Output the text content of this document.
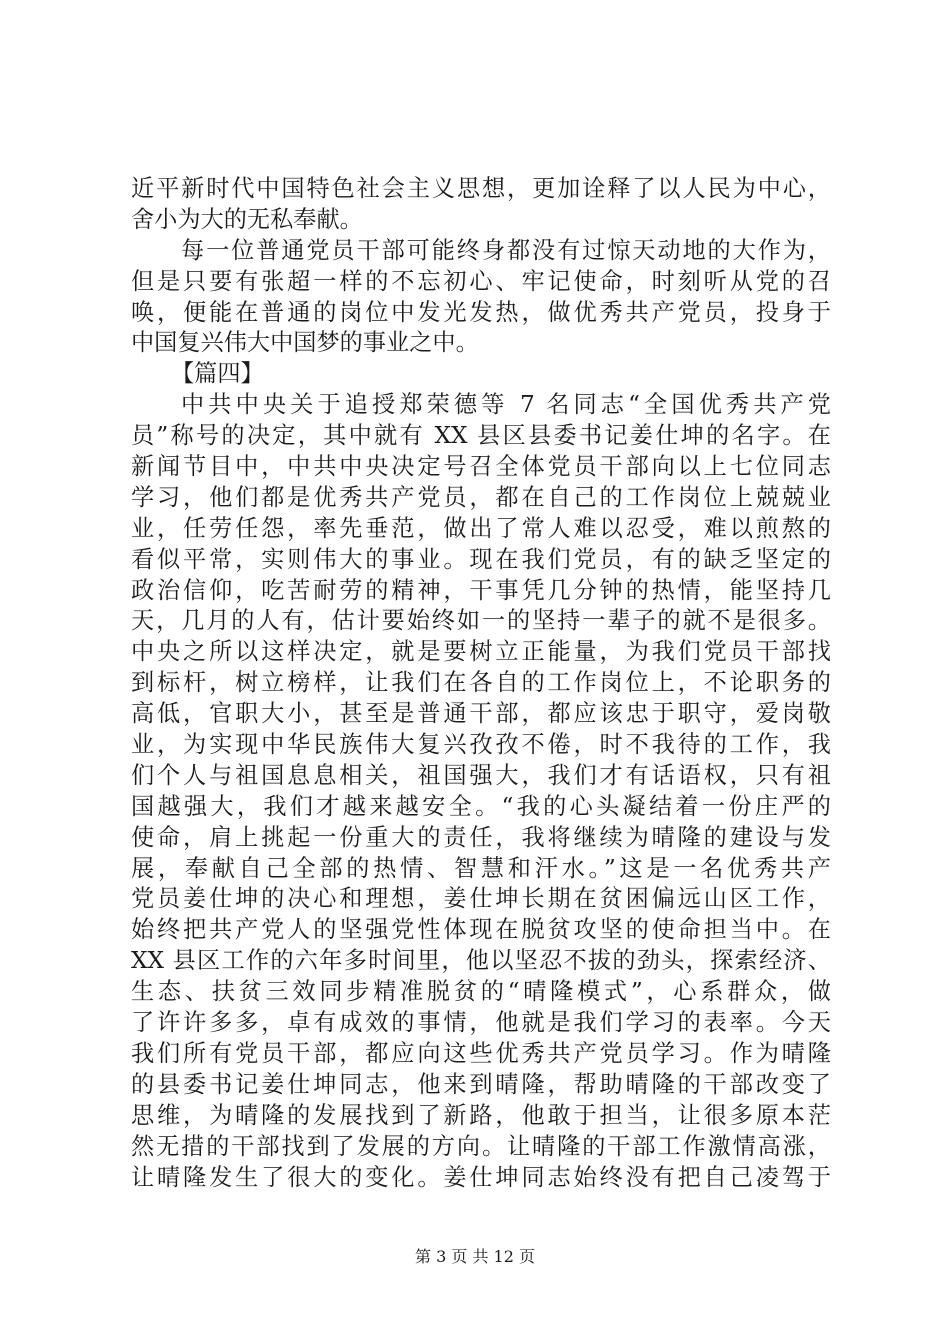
近平新时代中国特色社会主义思想，更加诠释了以人民为中心，
舍小为大的无私奉献。
每一位普通党员干部可能终身都没有过惊天动地的大作为，
但是只要有张超一样的不忘初心、牢记使命，时刻听从党的召
唤，便能在普通的岗位中发光发热，做优秀共产党员，投身于
中国复兴伟大中国梦的事业之中。
【篇四】
中共中央关于追授郑荣德等 7 名同志“全国优秀共产党
员”称号的决定，其中就有 XX 县区县委书记姜仕坤的名字。在
新闻节目中，中共中央决定号召全体党员干部向以上七位同志
学习，他们都是优秀共产党员，都在自己的工作岗位上兢兢业
业，任劳任怨，率先垂范，做出了常人难以忍受，难以煎熬的
看似平常，实则伟大的事业。现在我们党员，有的缺乏坚定的
政治信仰，吃苦耐劳的精神，干事凭几分钟的热情，能坚持几
天，几月的人有，估计要始终如一的坚持一辈子的就不是很多。
中央之所以这样决定，就是要树立正能量，为我们党员干部找
到标杆，树立榜样，让我们在各自的工作岗位上，不论职务的
高低，官职大小，甚至是普通干部，都应该忠于职守，爱岗敬
业，为实现中华民族伟大复兴孜孜不倦，时不我待的工作，我
们个人与祖国息息相关，祖国强大，我们才有话语权，只有祖
国越强大，我们才越来越安全。“我的心头凝结着一份庄严的
使命，肩上挑起一份重大的责任，我将继续为晴隆的建设与发
展，奉献自己全部的热情、智慧和汗水。”这是一名优秀共产
党员姜仕坤的决心和理想，姜仕坤长期在贫困偏远山区工作，
始终把共产党人的坚强党性体现在脱贫攻坚的使命担当中。在
XX 县区工作的六年多时间里，他以坚忍不拔的劲头，探索经济、
生态、扶贫三效同步精准脱贫的“晴隆模式”，心系群众，做
了许许多多，卓有成效的事情，他就是我们学习的表率。今天
我们所有党员干部，都应向这些优秀共产党员学习。作为晴隆
的县委书记姜仕坤同志，他来到晴隆，帮助晴隆的干部改变了
思维，为晴隆的发展找到了新路，他敢于担当，让很多原本茫
然无措的干部找到了发展的方向。让晴隆的干部工作激情高涨，
让晴隆发生了很大的变化。姜仕坤同志始终没有把自己凌驾于
第 3 页 共 12 页
